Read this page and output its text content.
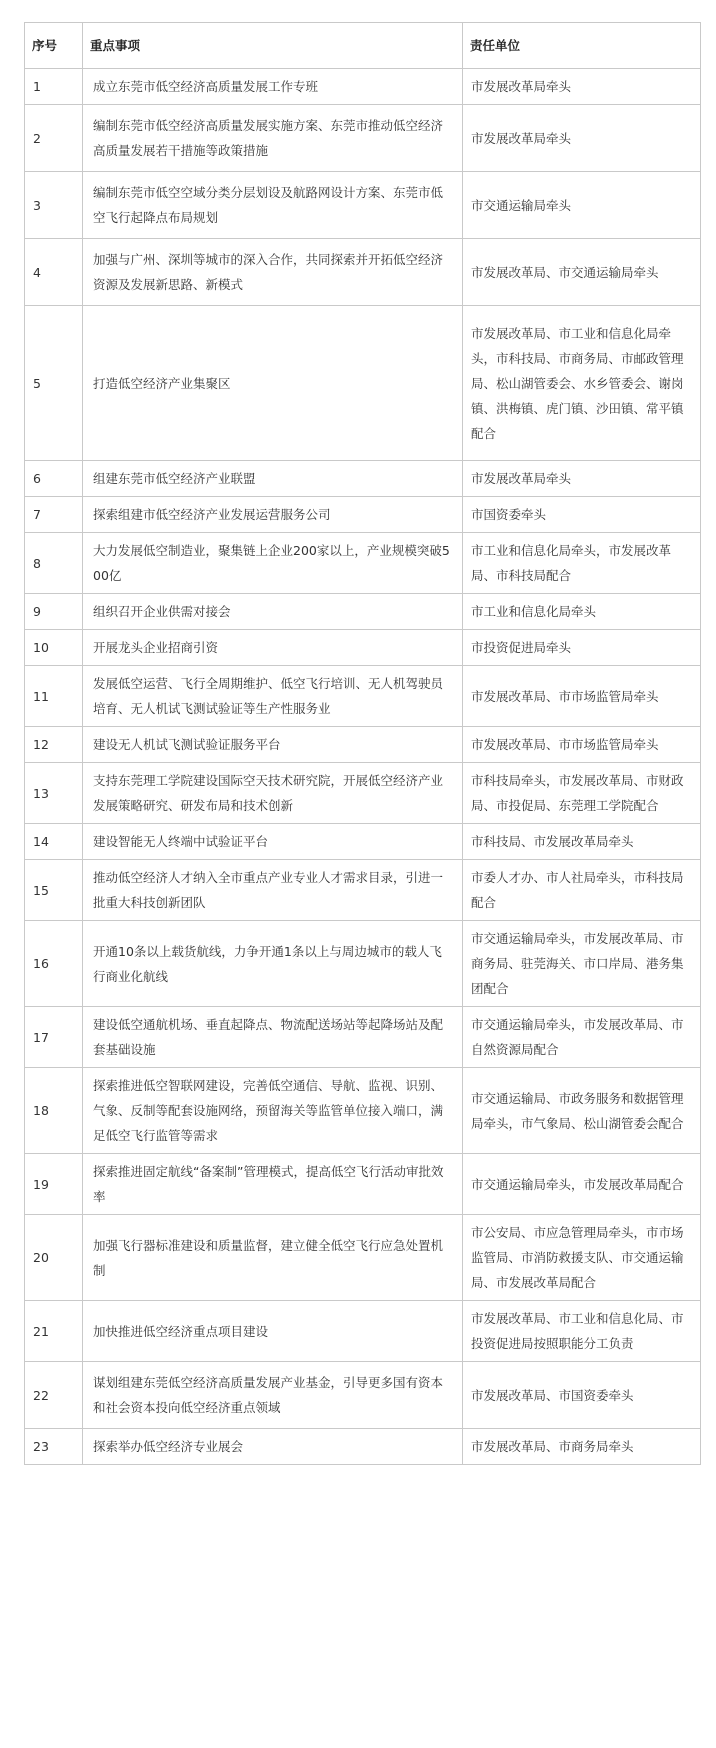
序号	重点事项	责任单位
1	成立东莞市低空经济高质量发展工作专班	市发展改革局牵头
2	编制东莞市低空经济高质量发展实施方案、东莞市推动低空经济高质量发展若干措施等政策措施	市发展改革局牵头
3	编制东莞市低空空域分类分层划设及航路网设计方案、东莞市低空飞行起降点布局规划	市交通运输局牵头
4	加强与广州、深圳等城市的深入合作，共同探索并开拓低空经济资源及发展新思路、新模式	市发展改革局、市交通运输局牵头
5	打造低空经济产业集聚区	市发展改革局、市工业和信息化局牵头，市科技局、市商务局、市邮政管理局、松山湖管委会、水乡管委会、谢岗镇、洪梅镇、虎门镇、沙田镇、常平镇配合
6	组建东莞市低空经济产业联盟	市发展改革局牵头
7	探索组建市低空经济产业发展运营服务公司	市国资委牵头
8	大力发展低空制造业，聚集链上企业200家以上，产业规模突破500亿	市工业和信息化局牵头，市发展改革局、市科技局配合
9	组织召开企业供需对接会	市工业和信息化局牵头
10	开展龙头企业招商引资	市投资促进局牵头
11	发展低空运营、飞行全周期维护、低空飞行培训、无人机驾驶员培育、无人机试飞测试验证等生产性服务业	市发展改革局、市市场监管局牵头
12	建设无人机试飞测试验证服务平台	市发展改革局、市市场监管局牵头
13	支持东莞理工学院建设国际空天技术研究院，开展低空经济产业发展策略研究、研发布局和技术创新	市科技局牵头，市发展改革局、市财政局、市投促局、东莞理工学院配合
14	建设智能无人终端中试验证平台	市科技局、市发展改革局牵头
15	推动低空经济人才纳入全市重点产业专业人才需求目录，引进一批重大科技创新团队	市委人才办、市人社局牵头，市科技局配合
16	开通10条以上载货航线，力争开通1条以上与周边城市的载人飞行商业化航线	市交通运输局牵头，市发展改革局、市商务局、驻莞海关、市口岸局、港务集团配合
17	建设低空通航机场、垂直起降点、物流配送场站等起降场站及配套基础设施	市交通运输局牵头，市发展改革局、市自然资源局配合
18	探索推进低空智联网建设，完善低空通信、导航、监视、识别、气象、反制等配套设施网络，预留海关等监管单位接入端口，满足低空飞行监管等需求	市交通运输局、市政务服务和数据管理局牵头，市气象局、松山湖管委会配合
19	探索推进固定航线“备案制”管理模式，提高低空飞行活动审批效率	市交通运输局牵头，市发展改革局配合
20	加强飞行器标准建设和质量监督，建立健全低空飞行应急处置机制	市公安局、市应急管理局牵头，市市场监管局、市消防救援支队、市交通运输局、市发展改革局配合
21	加快推进低空经济重点项目建设	市发展改革局、市工业和信息化局、市投资促进局按照职能分工负责
22	谋划组建东莞低空经济高质量发展产业基金，引导更多国有资本和社会资本投向低空经济重点领域	市发展改革局、市国资委牵头
23	探索举办低空经济专业展会	市发展改革局、市商务局牵头
